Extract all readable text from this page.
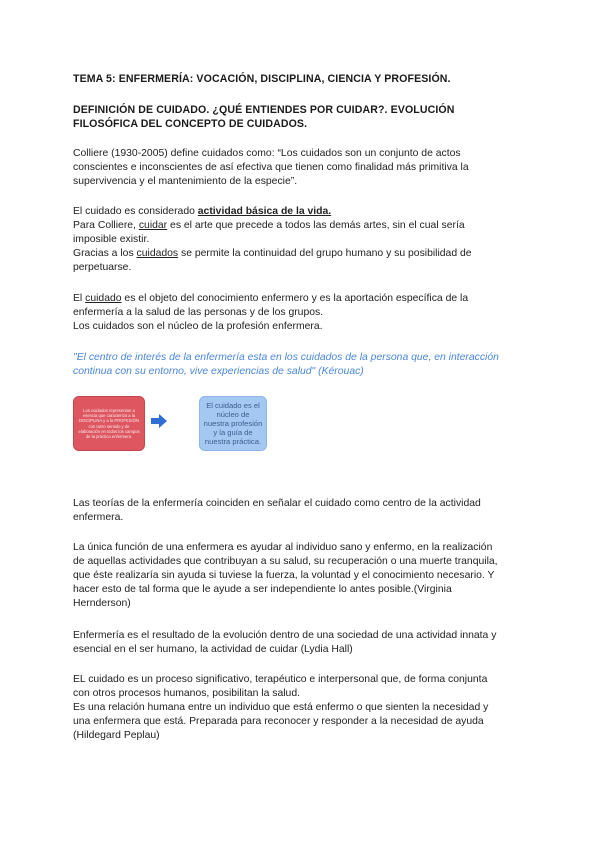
TEMA 5: ENFERMERÍA: VOCACIÓN, DISCIPLINA, CIENCIA Y PROFESIÓN.
DEFINICIÓN DE CUIDADO. ¿QUÉ ENTIENDES POR CUIDAR?. EVOLUCIÓN
FILOSÓFICA DEL CONCEPTO DE CUIDADOS.
Colliere (1930-2005) define cuidados como: “Los cuidados son un conjunto de actos
conscientes e inconscientes de así efectiva que tienen como finalidad más primitiva la
supervivencia y el mantenimiento de la especie”.
El cuidado es considerado actividad básica de la vida.
Para Colliere, cuidar es el arte que precede a todos las demás artes, sin el cual sería
imposible existir.
Gracias a los cuidados se permite la continuidad del grupo humano y su posibilidad de
perpetuarse.
El cuidado es el objeto del conocimiento enfermero y es la aportación específica de la
enfermería a la salud de las personas y de los grupos.
Los cuidados son el núcleo de la profesión enfermera.
"El centro de interés de la enfermería esta en los cuidados de la persona que, en interacción
continua con su entorno, vive experiencias de salud" (Kérouac)
Los cuidados representan a esencia que caracteriza a la DISCIPLINA y a la PROFESIÓN con tanto sentido y de elaboración en todos los campos de la práctica enfermera.
El cuidado es el núcleo de nuestra profesión y la guía de nuestra práctica.
Las teorías de la enfermería coinciden en señalar el cuidado como centro de la actividad
enfermera.
La única función de una enfermera es ayudar al individuo sano y enfermo, en la realización
de aquellas actividades que contribuyan a su salud, su recuperación o una muerte tranquila,
que éste realizaría sin ayuda si tuviese la fuerza, la voluntad y el conocimiento necesario. Y
hacer esto de tal forma que le ayude a ser independiente lo antes posible.(Virginia
Hernderson)
Enfermería es el resultado de la evolución dentro de una sociedad de una actividad innata y
esencial en el ser humano, la actividad de cuidar (Lydia Hall)
EL cuidado es un proceso significativo, terapéutico e interpersonal que, de forma conjunta
con otros procesos humanos, posibilitan la salud.
Es una relación humana entre un individuo que está enfermo o que sienten la necesidad y
una enfermera que está. Preparada para reconocer y responder a la necesidad de ayuda
(Hildegard Peplau)
